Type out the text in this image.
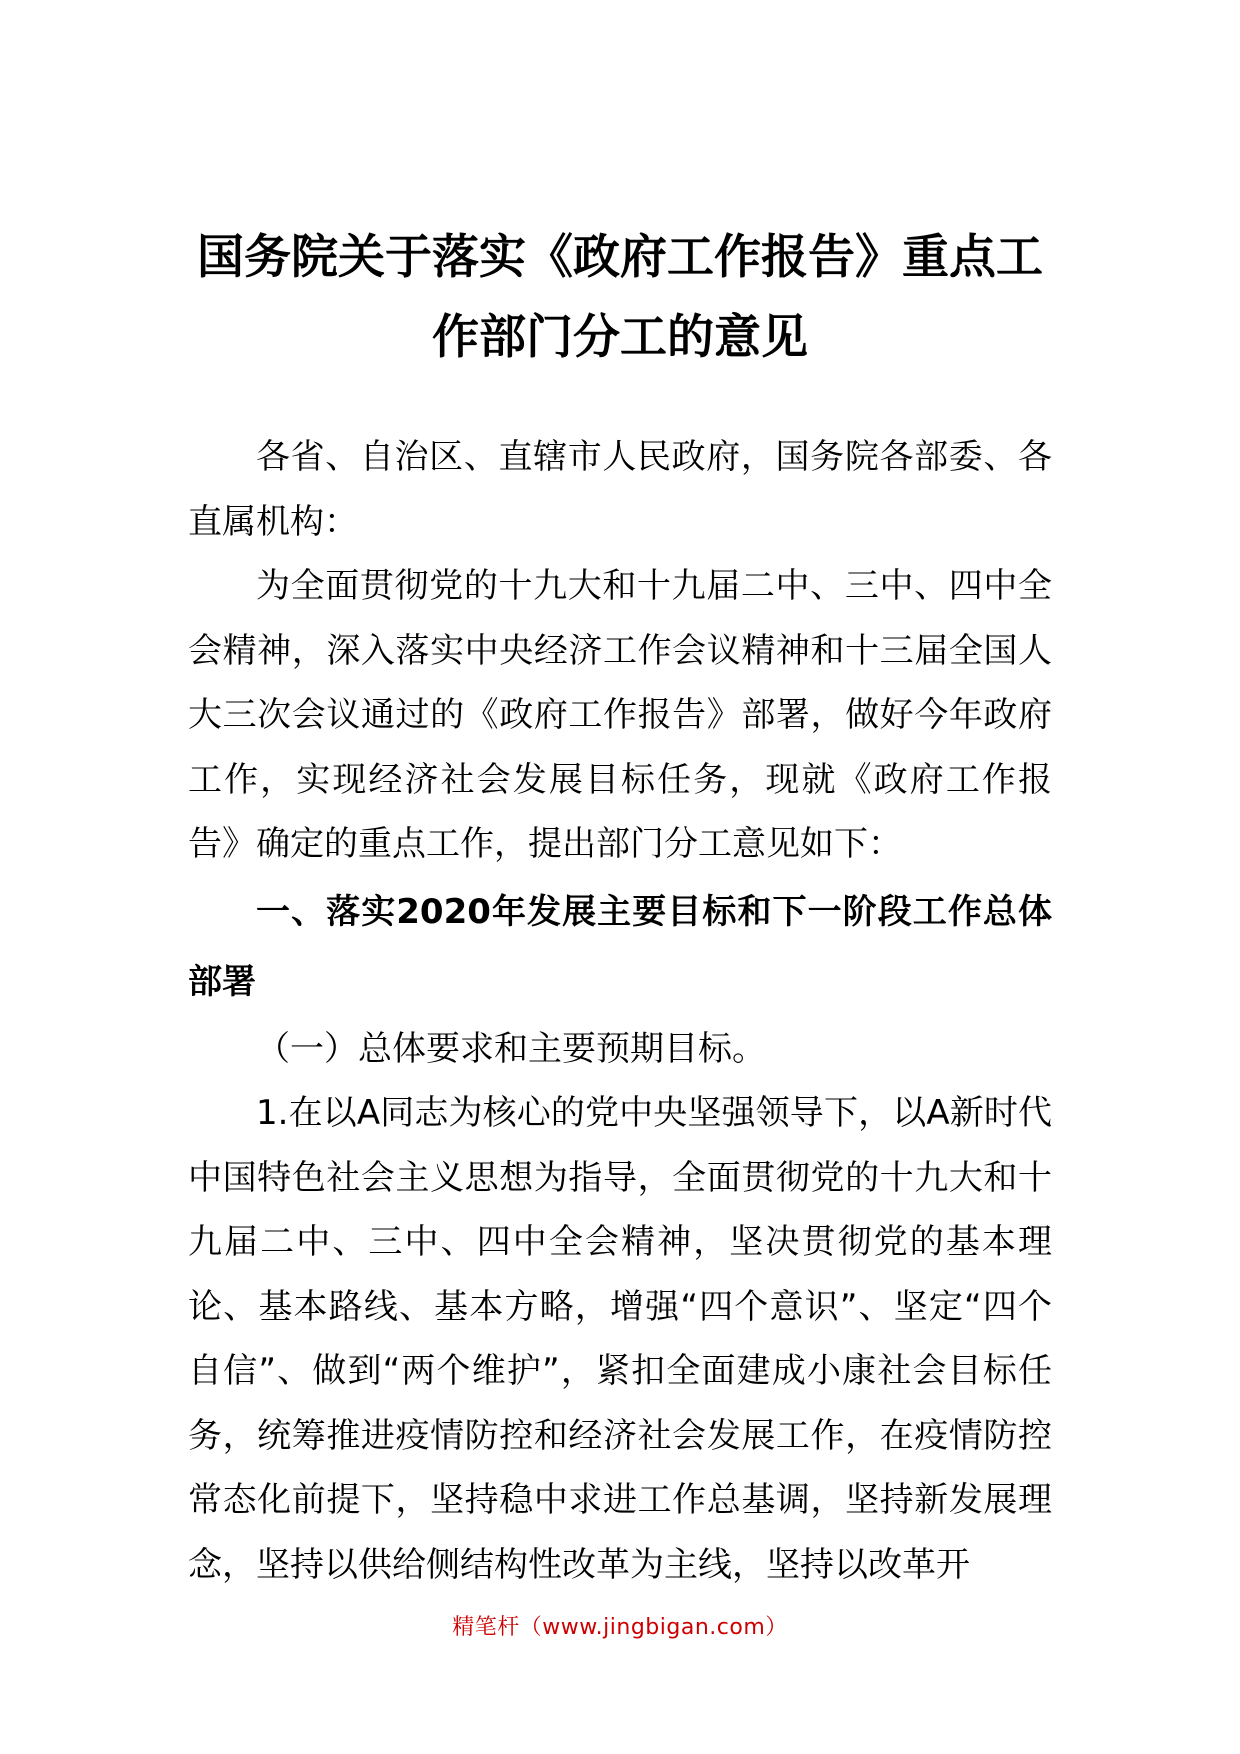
国务院关于落实《政府工作报告》重点工
作部门分工的意见

各省、自治区、直辖市人民政府，国务院各部委、各直属机构：

为全面贯彻党的十九大和十九届二中、三中、四中全会精神，深入落实中央经济工作会议精神和十三届全国人大三次会议通过的《政府工作报告》部署，做好今年政府工作，实现经济社会发展目标任务，现就《政府工作报告》确定的重点工作，提出部门分工意见如下：

一、落实2020年发展主要目标和下一阶段工作总体部署

（一）总体要求和主要预期目标。

1.在以A同志为核心的党中央坚强领导下，以A新时代中国特色社会主义思想为指导，全面贯彻党的十九大和十九届二中、三中、四中全会精神，坚决贯彻党的基本理论、基本路线、基本方略，增强“四个意识”、坚定“四个自信”、做到“两个维护”，紧扣全面建成小康社会目标任务，统筹推进疫情防控和经济社会发展工作，在疫情防控常态化前提下，坚持稳中求进工作总基调，坚持新发展理念，坚持以供给侧结构性改革为主线，坚持以改革开

精笔杆（www.jingbigan.com）
